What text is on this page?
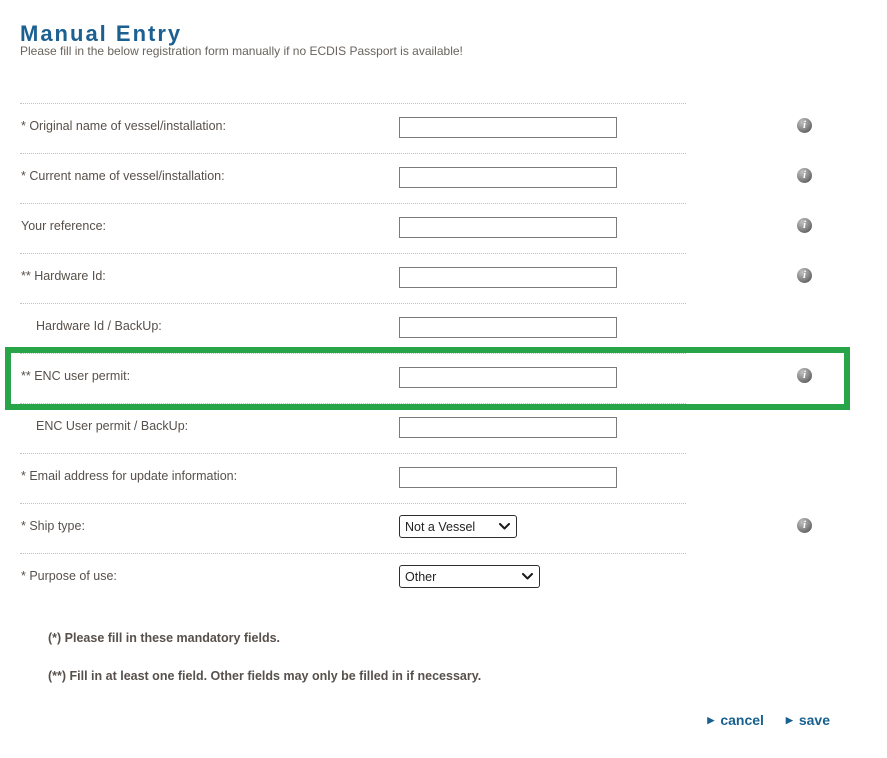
Manual Entry
Please fill in the below registration form manually if no ECDIS Passport is available!
* Original name of vessel/installation:	i
* Current name of vessel/installation:	i
Your reference:	i
** Hardware Id:	i
Hardware Id / BackUp:
** ENC user permit:	i
ENC User permit / BackUp:
* Email address for update information:
* Ship type:
Not a Vessel	i
* Purpose of use:
Other
(*) Please fill in these mandatory fields.
(**) Fill in at least one field. Other fields may only be filled in if necessary.
▶ cancel ▶ save
